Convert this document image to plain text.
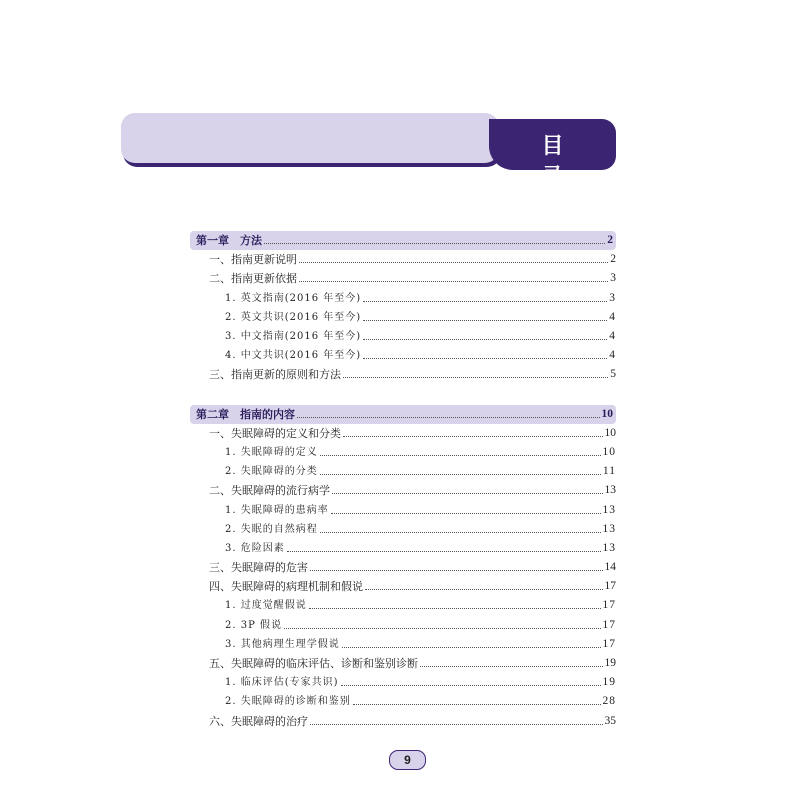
目　录
第一章　方法	2
一、指南更新说明	2
二、指南更新依据	3
1. 英文指南(2016 年至今)	3
2. 英文共识(2016 年至今)	4
3. 中文指南(2016 年至今)	4
4. 中文共识(2016 年至今)	4
三、指南更新的原则和方法	5
第二章　指南的内容	10
一、失眠障碍的定义和分类	10
1. 失眠障碍的定义	10
2. 失眠障碍的分类	11
二、失眠障碍的流行病学	13
1. 失眠障碍的患病率	13
2. 失眠的自然病程	13
3. 危险因素	13
三、失眠障碍的危害	14
四、失眠障碍的病理机制和假说	17
1. 过度觉醒假说	17
2. 3P 假说	17
3. 其他病理生理学假说	17
五、失眠障碍的临床评估、诊断和鉴别诊断	19
1. 临床评估(专家共识)	19
2. 失眠障碍的诊断和鉴别	28
六、失眠障碍的治疗	35
9
